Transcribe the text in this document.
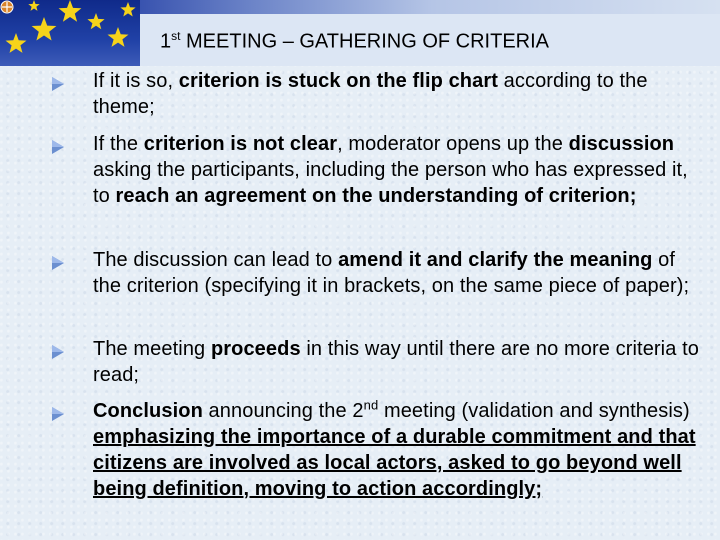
1st MEETING – GATHERING OF CRITERIA
If it is so, criterion is stuck on the flip chart according to the theme;
If the criterion is not clear, moderator opens up the discussion asking the participants, including the person who has expressed it, to reach an agreement on the understanding of criterion;
The discussion can lead to amend it and clarify the meaning of the criterion (specifying it in brackets, on the same piece of paper);
The meeting proceeds in this way until there are no more criteria to read;
Conclusion announcing the 2nd meeting (validation and synthesis) emphasizing the importance of a durable commitment and that citizens are involved as local actors, asked to go beyond well being definition, moving to action accordingly;
